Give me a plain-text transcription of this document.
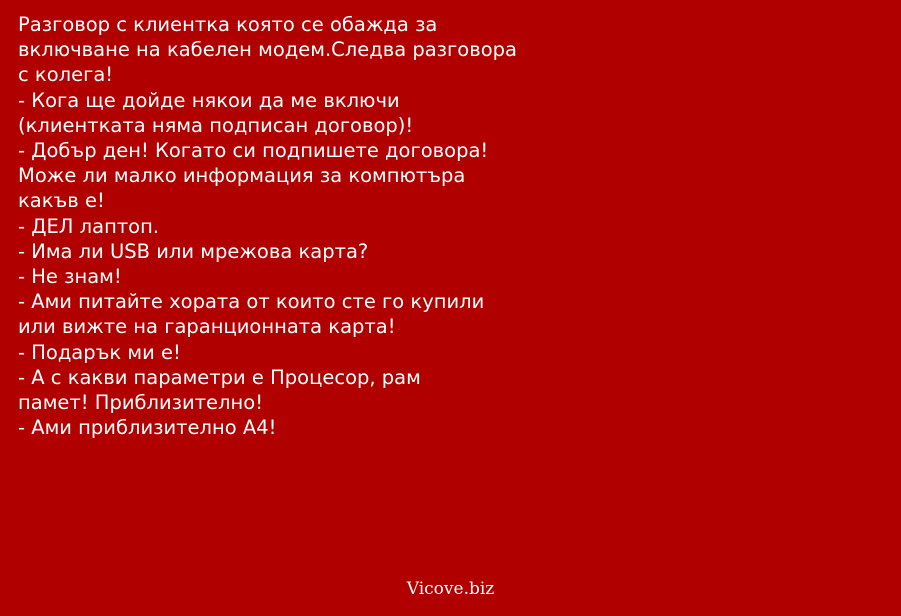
Разговор с клиентка която се обажда за
включване на кабелен модем.Следва разговора
с колега!
- Кога ще дойде някои да ме включи
(клиентката няма подписан договор)!
- Добър ден! Когато си подпишете договора!
Може ли малко информация за компютъра
какъв е!
- ДЕЛ лаптоп.
- Има ли USB или мрежова карта?
- Не знам!
- Ами питайте хората от които сте го купили
или вижте на гаранционната карта!
- Подарък ми е!
- А с какви параметри е Процесор, рам
памет! Приблизително!
- Ами приблизително А4!
Vicove.biz
